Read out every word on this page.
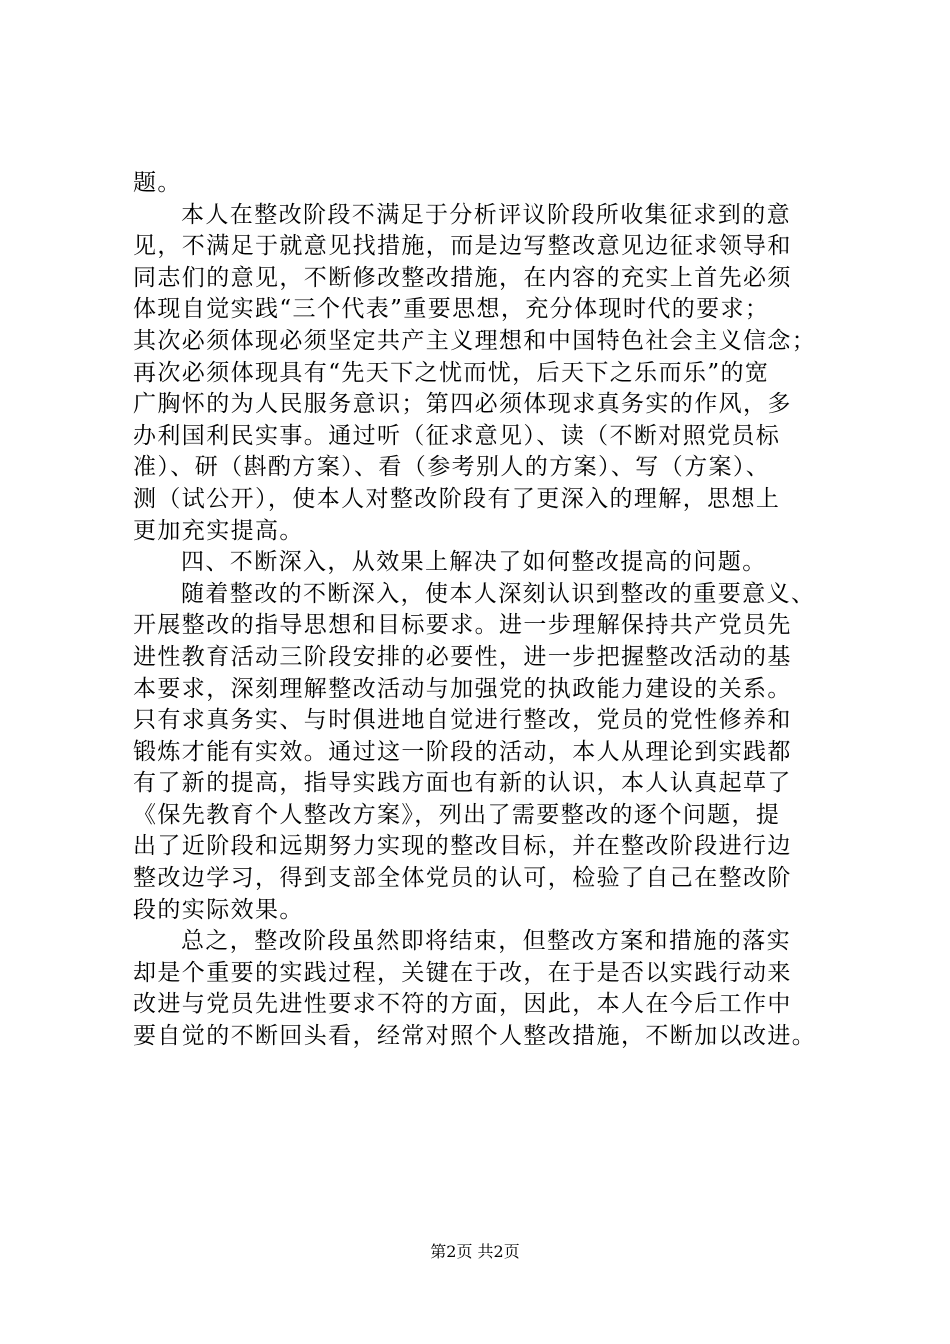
题。

本人在整改阶段不满足于分析评议阶段所收集征求到的意

见，不满足于就意见找措施，而是边写整改意见边征求领导和

同志们的意见，不断修改整改措施，在内容的充实上首先必须

体现自觉实践“三个代表”重要思想，充分体现时代的要求；

其次必须体现必须坚定共产主义理想和中国特色社会主义信念；

再次必须体现具有“先天下之忧而忧，后天下之乐而乐”的宽

广胸怀的为人民服务意识；第四必须体现求真务实的作风，多

办利国利民实事。通过听（征求意见）、读（不断对照党员标

准）、研（斟酌方案）、看（参考别人的方案）、写（方案）、

测（试公开），使本人对整改阶段有了更深入的理解，思想上

更加充实提高。

四、不断深入，从效果上解决了如何整改提高的问题。

随着整改的不断深入，使本人深刻认识到整改的重要意义、

开展整改的指导思想和目标要求。进一步理解保持共产党员先

进性教育活动三阶段安排的必要性，进一步把握整改活动的基

本要求，深刻理解整改活动与加强党的执政能力建设的关系。

只有求真务实、与时俱进地自觉进行整改，党员的党性修养和

锻炼才能有实效。通过这一阶段的活动，本人从理论到实践都

有了新的提高，指导实践方面也有新的认识，本人认真起草了

《保先教育个人整改方案》，列出了需要整改的逐个问题，提

出了近阶段和远期努力实现的整改目标，并在整改阶段进行边

整改边学习，得到支部全体党员的认可，检验了自己在整改阶

段的实际效果。

总之，整改阶段虽然即将结束，但整改方案和措施的落实

却是个重要的实践过程，关键在于改，在于是否以实践行动来

改进与党员先进性要求不符的方面，因此，本人在今后工作中

要自觉的不断回头看，经常对照个人整改措施，不断加以改进。

第2页 共2页
